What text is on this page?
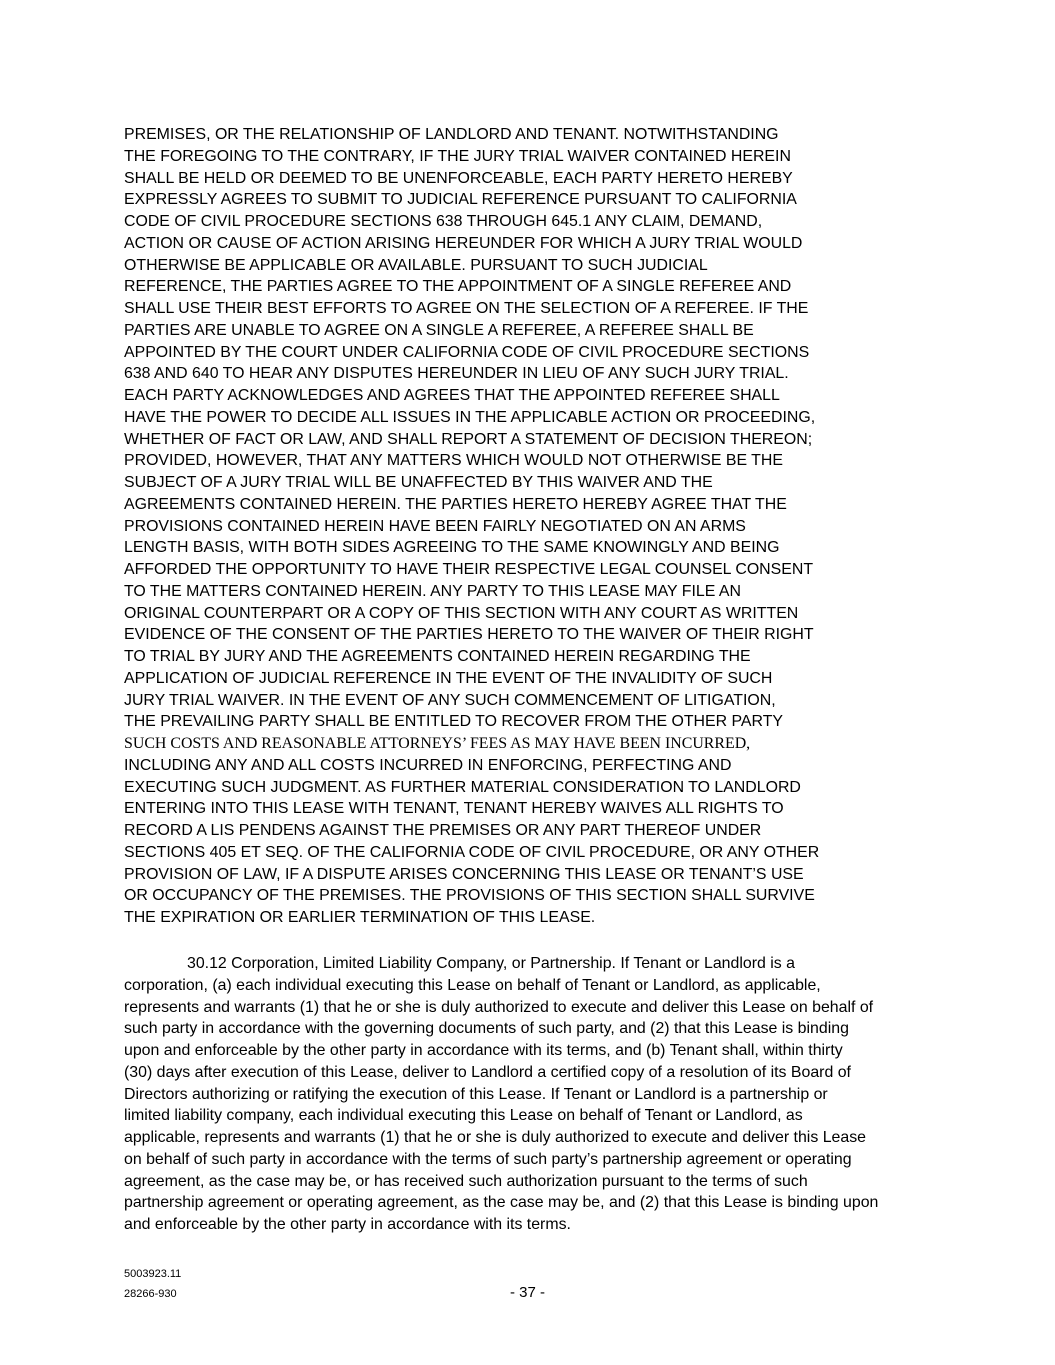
PREMISES, OR THE RELATIONSHIP OF LANDLORD AND TENANT. NOTWITHSTANDING
THE FOREGOING TO THE CONTRARY, IF THE JURY TRIAL WAIVER CONTAINED HEREIN
SHALL BE HELD OR DEEMED TO BE UNENFORCEABLE, EACH PARTY HERETO HEREBY
EXPRESSLY AGREES TO SUBMIT TO JUDICIAL REFERENCE PURSUANT TO CALIFORNIA
CODE OF CIVIL PROCEDURE SECTIONS 638 THROUGH 645.1 ANY CLAIM, DEMAND,
ACTION OR CAUSE OF ACTION ARISING HEREUNDER FOR WHICH A JURY TRIAL WOULD
OTHERWISE BE APPLICABLE OR AVAILABLE. PURSUANT TO SUCH JUDICIAL
REFERENCE, THE PARTIES AGREE TO THE APPOINTMENT OF A SINGLE REFEREE AND
SHALL USE THEIR BEST EFFORTS TO AGREE ON THE SELECTION OF A REFEREE. IF THE
PARTIES ARE UNABLE TO AGREE ON A SINGLE A REFEREE, A REFEREE SHALL BE
APPOINTED BY THE COURT UNDER CALIFORNIA CODE OF CIVIL PROCEDURE SECTIONS
638 AND 640 TO HEAR ANY DISPUTES HEREUNDER IN LIEU OF ANY SUCH JURY TRIAL.
EACH PARTY ACKNOWLEDGES AND AGREES THAT THE APPOINTED REFEREE SHALL
HAVE THE POWER TO DECIDE ALL ISSUES IN THE APPLICABLE ACTION OR PROCEEDING,
WHETHER OF FACT OR LAW, AND SHALL REPORT A STATEMENT OF DECISION THEREON;
PROVIDED, HOWEVER, THAT ANY MATTERS WHICH WOULD NOT OTHERWISE BE THE
SUBJECT OF A JURY TRIAL WILL BE UNAFFECTED BY THIS WAIVER AND THE
AGREEMENTS CONTAINED HEREIN. THE PARTIES HERETO HEREBY AGREE THAT THE
PROVISIONS CONTAINED HEREIN HAVE BEEN FAIRLY NEGOTIATED ON AN ARMS
LENGTH BASIS, WITH BOTH SIDES AGREEING TO THE SAME KNOWINGLY AND BEING
AFFORDED THE OPPORTUNITY TO HAVE THEIR RESPECTIVE LEGAL COUNSEL CONSENT
TO THE MATTERS CONTAINED HEREIN. ANY PARTY TO THIS LEASE MAY FILE AN
ORIGINAL COUNTERPART OR A COPY OF THIS SECTION WITH ANY COURT AS WRITTEN
EVIDENCE OF THE CONSENT OF THE PARTIES HERETO TO THE WAIVER OF THEIR RIGHT
TO TRIAL BY JURY AND THE AGREEMENTS CONTAINED HEREIN REGARDING THE
APPLICATION OF JUDICIAL REFERENCE IN THE EVENT OF THE INVALIDITY OF SUCH
JURY TRIAL WAIVER. IN THE EVENT OF ANY SUCH COMMENCEMENT OF LITIGATION,
THE PREVAILING PARTY SHALL BE ENTITLED TO RECOVER FROM THE OTHER PARTY
SUCH COSTS AND REASONABLE ATTORNEYS’ FEES AS MAY HAVE BEEN INCURRED,
INCLUDING ANY AND ALL COSTS INCURRED IN ENFORCING, PERFECTING AND
EXECUTING SUCH JUDGMENT. AS FURTHER MATERIAL CONSIDERATION TO LANDLORD
ENTERING INTO THIS LEASE WITH TENANT, TENANT HEREBY WAIVES ALL RIGHTS TO
RECORD A LIS PENDENS AGAINST THE PREMISES OR ANY PART THEREOF UNDER
SECTIONS 405 ET SEQ. OF THE CALIFORNIA CODE OF CIVIL PROCEDURE, OR ANY OTHER
PROVISION OF LAW, IF A DISPUTE ARISES CONCERNING THIS LEASE OR TENANT’S USE
OR OCCUPANCY OF THE PREMISES. THE PROVISIONS OF THIS SECTION SHALL SURVIVE
THE EXPIRATION OR EARLIER TERMINATION OF THIS LEASE.
30.12 Corporation, Limited Liability Company, or Partnership. If Tenant or Landlord is a
corporation, (a) each individual executing this Lease on behalf of Tenant or Landlord, as applicable,
represents and warrants (1) that he or she is duly authorized to execute and deliver this Lease on behalf of
such party in accordance with the governing documents of such party, and (2) that this Lease is binding
upon and enforceable by the other party in accordance with its terms, and (b) Tenant shall, within thirty
(30) days after execution of this Lease, deliver to Landlord a certified copy of a resolution of its Board of
Directors authorizing or ratifying the execution of this Lease. If Tenant or Landlord is a partnership or
limited liability company, each individual executing this Lease on behalf of Tenant or Landlord, as
applicable, represents and warrants (1) that he or she is duly authorized to execute and deliver this Lease
on behalf of such party in accordance with the terms of such party’s partnership agreement or operating
agreement, as the case may be, or has received such authorization pursuant to the terms of such
partnership agreement or operating agreement, as the case may be, and (2) that this Lease is binding upon
and enforceable by the other party in accordance with its terms.
5003923.11
28266-930	- 37 -
